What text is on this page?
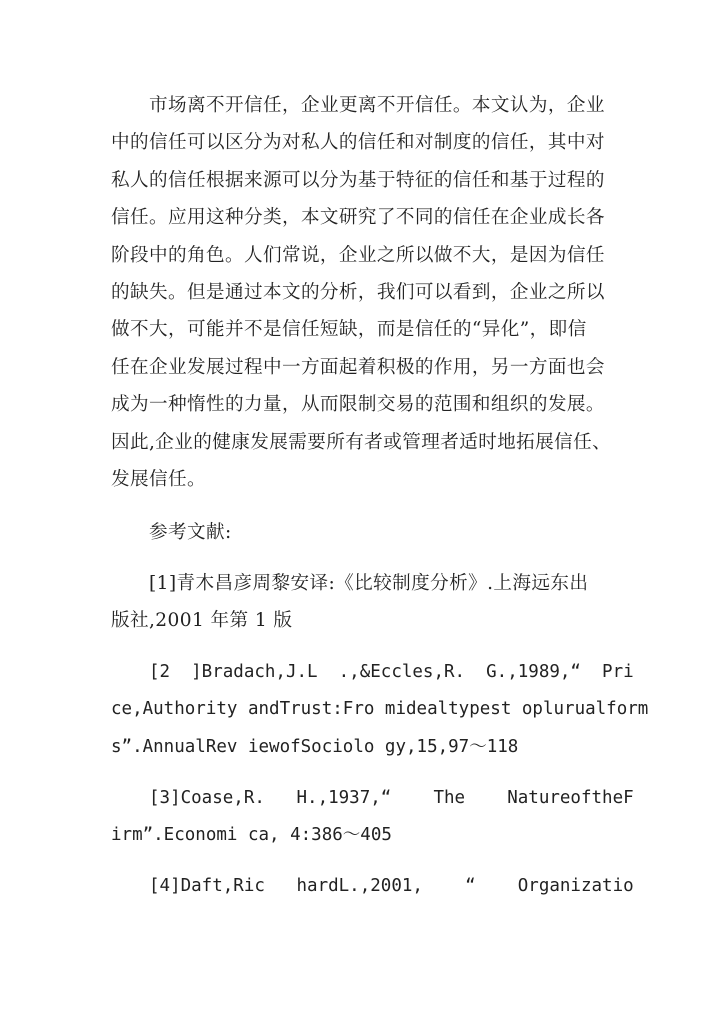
市场离不开信任，企业更离不开信任。本文认为，企业
中的信任可以区分为对私人的信任和对制度的信任，其中对
私人的信任根据来源可以分为基于特征的信任和基于过程的
信任。应用这种分类，本文研究了不同的信任在企业成长各
阶段中的角色。人们常说，企业之所以做不大，是因为信任
的缺失。但是通过本文的分析，我们可以看到，企业之所以
做不大，可能并不是信任短缺，而是信任的“异化”，即信
任在企业发展过程中一方面起着积极的作用，另一方面也会
成为一种惰性的力量，从而限制交易的范围和组织的发展。
因此,企业的健康发展需要所有者或管理者适时地拓展信任、
发展信任。
参考文献:
[1]青木昌彦周黎安译:《比较制度分析》.上海远东出
版社,2001 年第 1 版
[2  ]Bradach,J.L  .,&Eccles,R.  G.,1989,“  Pri
ce,Authority andTrust:Fro midealtypest oplurualform
s”.AnnualRev iewofSociolo gy,15,97～118
[3]Coase,R.   H.,1937,“    The    NatureoftheF
irm”.Economi ca, 4:386～405
[4]Daft,Ric   hardL.,2001,    “    Organizatio
